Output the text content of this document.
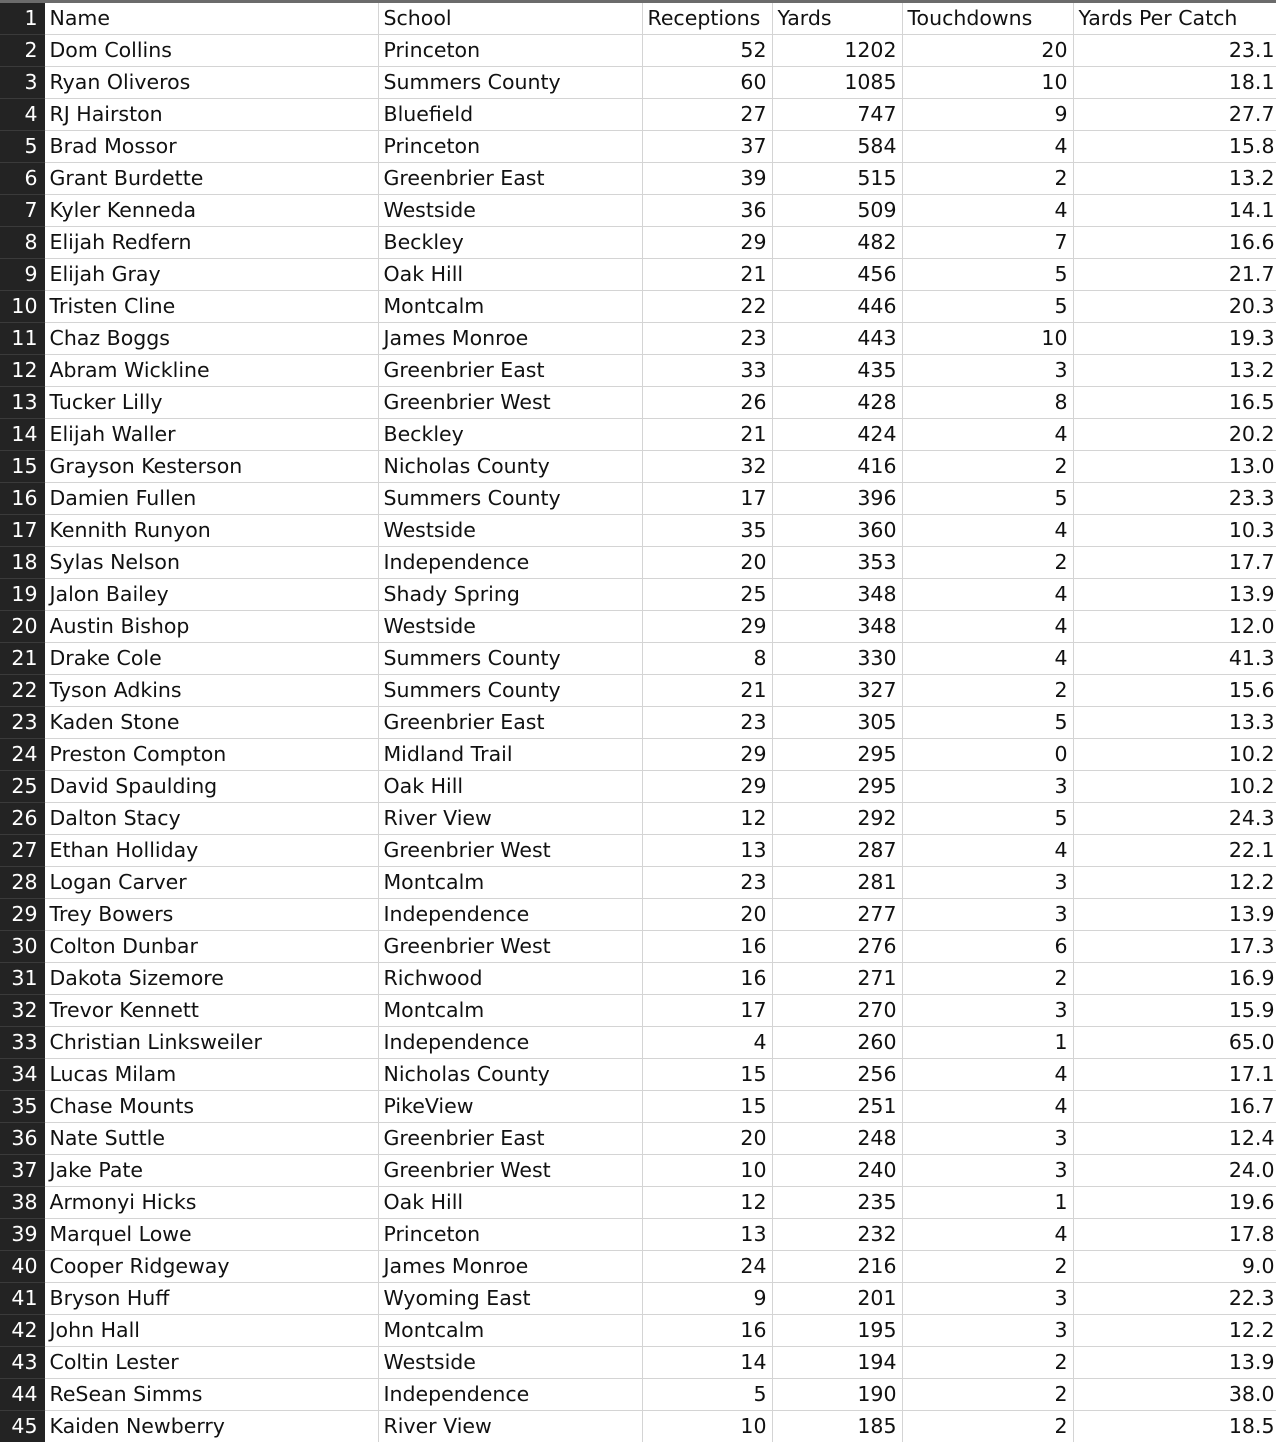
1	Name	School	Receptions	Yards	Touchdowns	Yards Per Catch
2	Dom Collins	Princeton	52	1202	20	23.1
3	Ryan Oliveros	Summers County	60	1085	10	18.1
4	RJ Hairston	Bluefield	27	747	9	27.7
5	Brad Mossor	Princeton	37	584	4	15.8
6	Grant Burdette	Greenbrier East	39	515	2	13.2
7	Kyler Kenneda	Westside	36	509	4	14.1
8	Elijah Redfern	Beckley	29	482	7	16.6
9	Elijah Gray	Oak Hill	21	456	5	21.7
10	Tristen Cline	Montcalm	22	446	5	20.3
11	Chaz Boggs	James Monroe	23	443	10	19.3
12	Abram Wickline	Greenbrier East	33	435	3	13.2
13	Tucker Lilly	Greenbrier West	26	428	8	16.5
14	Elijah Waller	Beckley	21	424	4	20.2
15	Grayson Kesterson	Nicholas County	32	416	2	13.0
16	Damien Fullen	Summers County	17	396	5	23.3
17	Kennith Runyon	Westside	35	360	4	10.3
18	Sylas Nelson	Independence	20	353	2	17.7
19	Jalon Bailey	Shady Spring	25	348	4	13.9
20	Austin Bishop	Westside	29	348	4	12.0
21	Drake Cole	Summers County	8	330	4	41.3
22	Tyson Adkins	Summers County	21	327	2	15.6
23	Kaden Stone	Greenbrier East	23	305	5	13.3
24	Preston Compton	Midland Trail	29	295	0	10.2
25	David Spaulding	Oak Hill	29	295	3	10.2
26	Dalton Stacy	River View	12	292	5	24.3
27	Ethan Holliday	Greenbrier West	13	287	4	22.1
28	Logan Carver	Montcalm	23	281	3	12.2
29	Trey Bowers	Independence	20	277	3	13.9
30	Colton Dunbar	Greenbrier West	16	276	6	17.3
31	Dakota Sizemore	Richwood	16	271	2	16.9
32	Trevor Kennett	Montcalm	17	270	3	15.9
33	Christian Linksweiler	Independence	4	260	1	65.0
34	Lucas Milam	Nicholas County	15	256	4	17.1
35	Chase Mounts	PikeView	15	251	4	16.7
36	Nate Suttle	Greenbrier East	20	248	3	12.4
37	Jake Pate	Greenbrier West	10	240	3	24.0
38	Armonyi Hicks	Oak Hill	12	235	1	19.6
39	Marquel Lowe	Princeton	13	232	4	17.8
40	Cooper Ridgeway	James Monroe	24	216	2	9.0
41	Bryson Huff	Wyoming East	9	201	3	22.3
42	John Hall	Montcalm	16	195	3	12.2
43	Coltin Lester	Westside	14	194	2	13.9
44	ReSean Simms	Independence	5	190	2	38.0
45	Kaiden Newberry	River View	10	185	2	18.5
